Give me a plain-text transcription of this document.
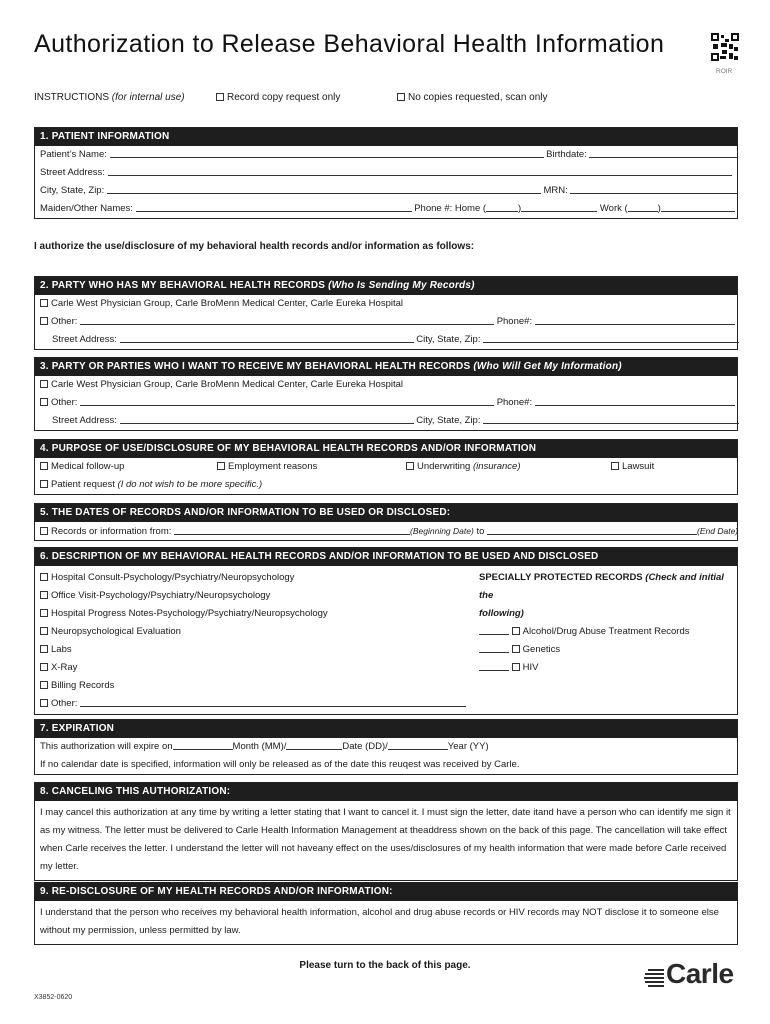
Authorization to Release Behavioral Health Information
ROIR
INSTRUCTIONS (for internal use)	Record copy request only	No copies requested, scan only
1. PATIENT INFORMATION
Patient’s Name:	Birthdate:
Street Address:
City, State, Zip:	MRN:
Maiden/Other Names:	Phone #: Home (	)	Work (	)
I authorize the use/disclosure of my behavioral health records and/or information as follows:
2. PARTY WHO HAS MY BEHAVIORAL HEALTH RECORDS (Who Is Sending My Records)
Carle West Physician Group, Carle BroMenn Medical Center, Carle Eureka Hospital
Other:	Phone#:
Street Address:	City, State, Zip:
3. PARTY OR PARTIES WHO I WANT TO RECEIVE MY BEHAVIORAL HEALTH RECORDS (Who Will Get My Information)
Carle West Physician Group, Carle BroMenn Medical Center, Carle Eureka Hospital
Other:	Phone#:
Street Address:	City, State, Zip:
4. PURPOSE OF USE/DISCLOSURE OF MY BEHAVIORAL HEALTH RECORDS AND/OR INFORMATION
Medical follow-up	Employment reasons	Underwriting (insurance)	Lawsuit
Patient request (I do not wish to be more specific.)
5. THE DATES OF RECORDS AND/OR INFORMATION TO BE USED OR DISCLOSED:
Records or information from:	(Beginning Date) to	(End Date)
6. DESCRIPTION OF MY BEHAVIORAL HEALTH RECORDS AND/OR INFORMATION TO BE USED AND DISCLOSED
Hospital Consult-Psychology/Psychiatry/Neuropsychology
Office Visit-Psychology/Psychiatry/Neuropsychology
Hospital Progress Notes-Psychology/Psychiatry/Neuropsychology
Neuropsychological Evaluation
Labs
X-Ray
Billing Records
Other:
SPECIALLY PROTECTED RECORDS (Check and initial the
following)
Alcohol/Drug Abuse Treatment Records
Genetics
HIV
7. EXPIRATION
This authorization will expire on	Month (MM)/	Date (DD)/	Year (YY)
If no calendar date is specified, information will only be released as of the date this reuqest was received by Carle.
8. CANCELING THIS AUTHORIZATION:
I may cancel this authorization at any time by writing a letter stating that I want to cancel it. I must sign the letter, date itand have a person who can identify me sign it as my witness. The letter must be delivered to Carle Health Information Management at theaddress shown on the back of this page. The cancellation will take effect when Carle receives the letter. I understand the letter will not haveany effect on the uses/disclosures of my health information that were made before Carle received my letter.
9. RE-DISCLOSURE OF MY HEALTH RECORDS AND/OR INFORMATION:
I understand that the person who receives my behavioral health information, alcohol and drug abuse records or HIV records may NOT disclose it to someone else without my permission, unless permitted by law.
Please turn to the back of this page.
X3852-0620
Carle
